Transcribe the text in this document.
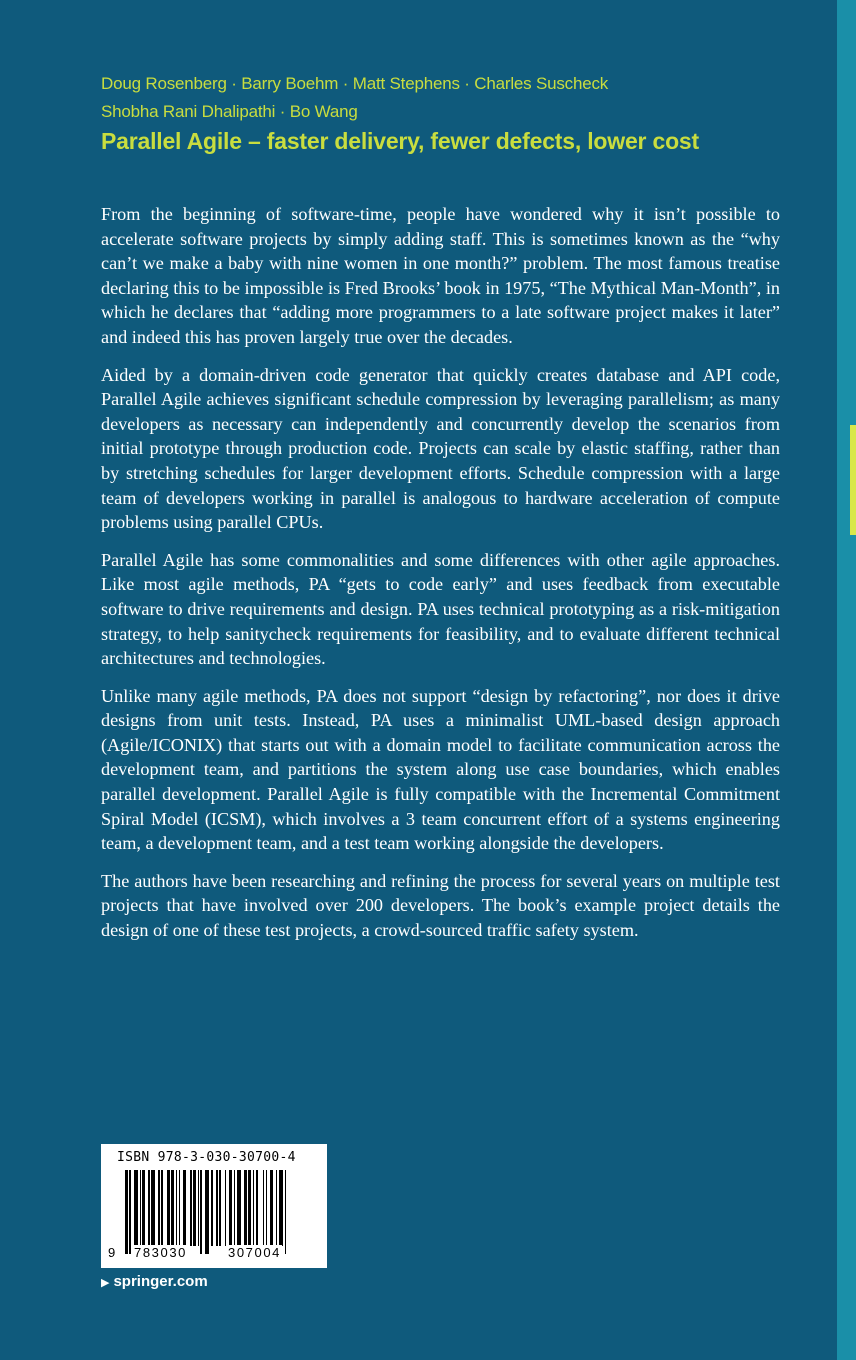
Doug Rosenberg · Barry Boehm · Matt Stephens · Charles Suscheck
Shobha Rani Dhalipathi · Bo Wang
Parallel Agile – faster delivery, fewer defects, lower cost

From the beginning of software-time, people have wondered why it isn’t possible to accelerate software projects by simply adding staff. This is sometimes known as the “why can’t we make a baby with nine women in one month?” problem. The most famous treatise declaring this to be impossible is Fred Brooks’ book in 1975, “The Mythical Man-Month”, in which he declares that “adding more programmers to a late software project makes it later” and indeed this has proven largely true over the decades.

Aided by a domain-driven code generator that quickly creates database and API code, Parallel Agile achieves significant schedule compression by leveraging parallelism; as many developers as necessary can independently and concurrently develop the scenarios from initial prototype through production code. Projects can scale by elastic staffing, rather than by stretching schedules for larger development efforts. Schedule compression with a large team of developers working in parallel is analogous to hardware acceleration of compute problems using parallel CPUs.

Parallel Agile has some commonalities and some differences with other agile approaches. Like most agile methods, PA “gets to code early” and uses feedback from executable software to drive requirements and design. PA uses technical prototyping as a risk-mitigation strategy, to help sanitycheck requirements for feasibility, and to evaluate different technical architectures and technologies.

Unlike many agile methods, PA does not support “design by refactoring”, nor does it drive designs from unit tests. Instead, PA uses a minimalist UML-based design approach (Agile/ICONIX) that starts out with a domain model to facilitate communication across the development team, and partitions the system along use case boundaries, which enables parallel development. Parallel Agile is fully compatible with the Incremental Commitment Spiral Model (ICSM), which involves a 3 team concurrent effort of a systems engineering team, a development team, and a test team working alongside the developers.

The authors have been researching and refining the process for several years on multiple test projects that have involved over 200 developers. The book’s example project details the design of one of these test projects, a crowd-sourced traffic safety system.

ISBN 978-3-030-30700-4
9 783030	307004
▶ springer.com
